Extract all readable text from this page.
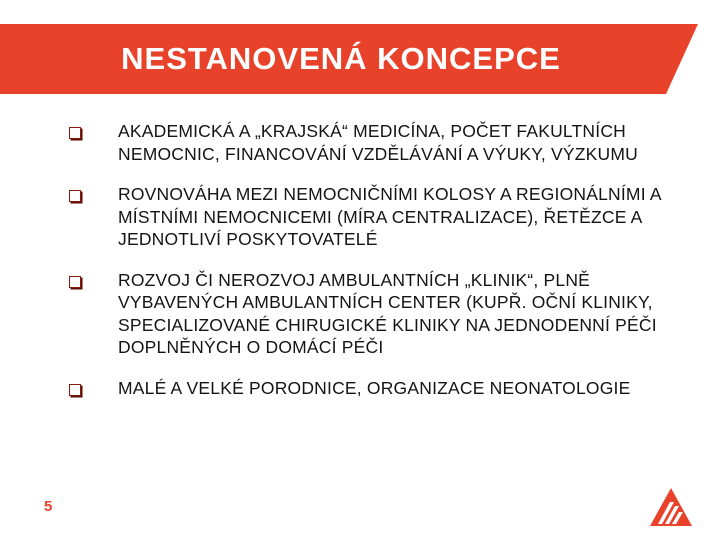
NESTANOVENÁ KONCEPCE
AKADEMICKÁ A „KRAJSKÁ“ MEDICÍNA, POČET FAKULTNÍCH NEMOCNIC, FINANCOVÁNÍ VZDĚLÁVÁNÍ A VÝUKY, VÝZKUMU
ROVNOVÁHA MEZI NEMOCNIČNÍMI KOLOSY A REGIONÁLNÍMI A MÍSTNÍMI NEMOCNICEMI (MÍRA CENTRALIZACE), ŘETĚZCE A JEDNOTLIVÍ POSKYTOVATELÉ
ROZVOJ ČI NEROZVOJ AMBULANTNÍCH „KLINIK“, PLNĚ VYBAVENÝCH AMBULANTNÍCH CENTER (KUPŘ. OČNÍ KLINIKY, SPECIALIZOVANÉ CHIRUGICKÉ KLINIKY NA JEDNODENNÍ PÉČI DOPLNĚNÝCH O DOMÁCÍ PÉČI
MALÉ A VELKÉ PORODNICE, ORGANIZACE NEONATOLOGIE
5
